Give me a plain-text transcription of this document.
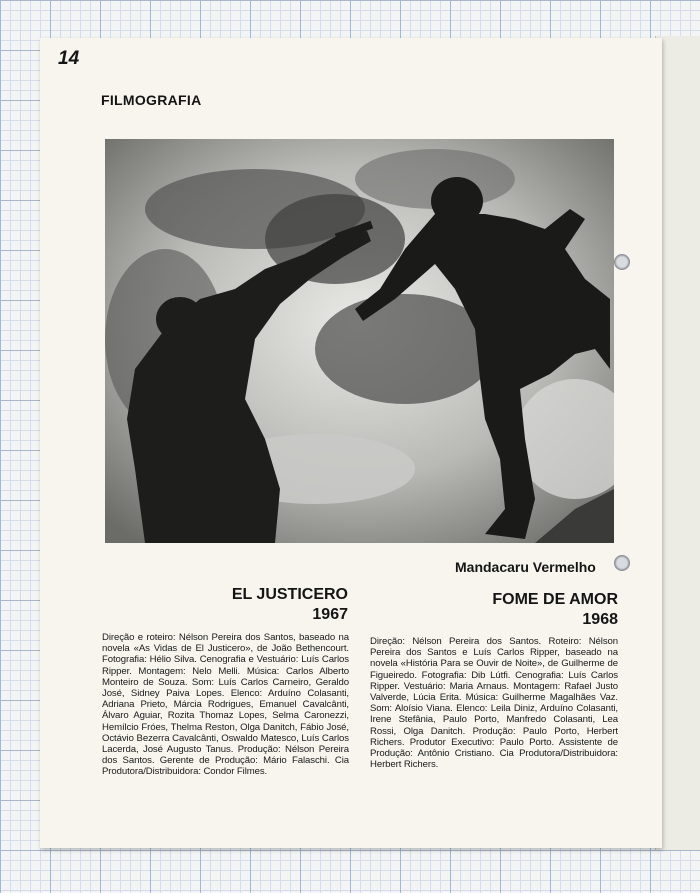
14
FILMOGRAFIA
Mandacaru Vermelho
EL JUSTICERO
1967
Direção e roteiro: Nélson Pereira dos Santos, baseado na novela «As Vidas de El Justicero», de João Bethencourt. Fotografia: Hélio Silva. Cenografia e Vestuário: Luís Carlos Ripper. Montagem: Nelo Melli. Música: Carlos Alberto Monteiro de Souza. Som: Luís Carlos Carneiro, Geraldo José, Sidney Paiva Lopes. Elenco: Arduíno Colasanti, Adriana Prieto, Márcia Rodrigues, Emanuel Cavalcânti, Álvaro Aguiar, Rozita Thomaz Lopes, Selma Caronezzi, Hemílcio Fróes, Thelma Reston, Olga Danitch, Fábio José, Octávio Bezerra Cavalcânti, Oswaldo Matesco, Luís Carlos Lacerda, José Augusto Tanus. Produção: Nélson Pereira dos Santos. Gerente de Produção: Mário Falaschi. Cia Produtora/Distribuidora: Condor Filmes.
FOME DE AMOR
1968
Direção: Nélson Pereira dos Santos. Roteiro: Nélson Pereira dos Santos e Luís Carlos Ripper, baseado na novela «História Para se Ouvir de Noite», de Guilherme de Figueiredo. Fotografia: Dib Lútfi. Cenografia: Luís Carlos Ripper. Vestuário: Maria Arnaus. Montagem: Rafael Justo Valverde, Lúcia Erita. Música: Guilherme Magalhães Vaz. Som: Aloísio Viana. Elenco: Leila Diniz, Arduíno Colasanti, Irene Stefânia, Paulo Porto, Manfredo Colasanti, Lea Rossi, Olga Danitch. Produção: Paulo Porto, Herbert Richers. Produtor Executivo: Paulo Porto. Assistente de Produção: Antônio Cristiano. Cia Produtora/Distribuidora: Herbert Richers.
